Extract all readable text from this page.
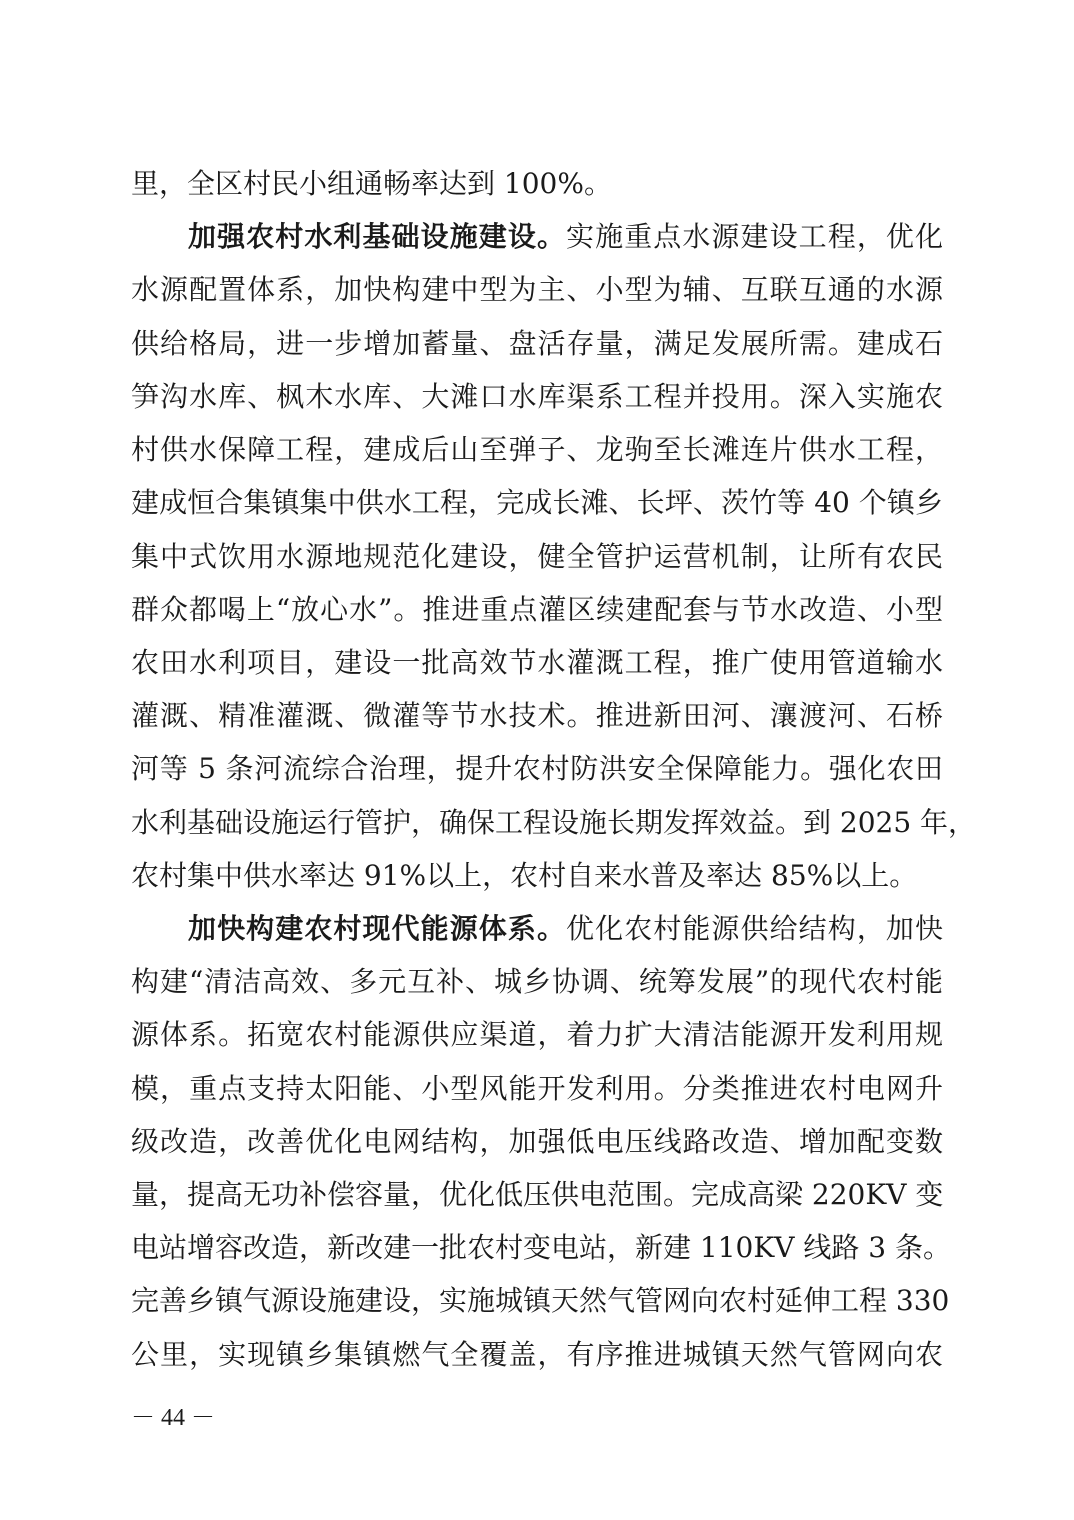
里，全区村民小组通畅率达到 100%。
加强农村水利基础设施建设。实施重点水源建设工程，优化
水源配置体系，加快构建中型为主、小型为辅、互联互通的水源
供给格局，进一步增加蓄量、盘活存量，满足发展所需。建成石
笋沟水库、枫木水库、大滩口水库渠系工程并投用。深入实施农
村供水保障工程，建成后山至弹子、龙驹至长滩连片供水工程，
建成恒合集镇集中供水工程，完成长滩、长坪、茨竹等 40 个镇乡
集中式饮用水源地规范化建设，健全管护运营机制，让所有农民
群众都喝上“放心水”。推进重点灌区续建配套与节水改造、小型
农田水利项目，建设一批高效节水灌溉工程，推广使用管道输水
灌溉、精准灌溉、微灌等节水技术。推进新田河、瀼渡河、石桥
河等 5 条河流综合治理，提升农村防洪安全保障能力。强化农田
水利基础设施运行管护，确保工程设施长期发挥效益。到 2025 年，
农村集中供水率达 91%以上，农村自来水普及率达 85%以上。
加快构建农村现代能源体系。优化农村能源供给结构，加快
构建“清洁高效、多元互补、城乡协调、统筹发展”的现代农村能
源体系。拓宽农村能源供应渠道，着力扩大清洁能源开发利用规
模，重点支持太阳能、小型风能开发利用。分类推进农村电网升
级改造，改善优化电网结构，加强低电压线路改造、增加配变数
量，提高无功补偿容量，优化低压供电范围。完成高梁 220KV 变
电站增容改造，新改建一批农村变电站，新建 110KV 线路 3 条。
完善乡镇气源设施建设，实施城镇天然气管网向农村延伸工程 330
公里，实现镇乡集镇燃气全覆盖，有序推进城镇天然气管网向农
－ 44 －
